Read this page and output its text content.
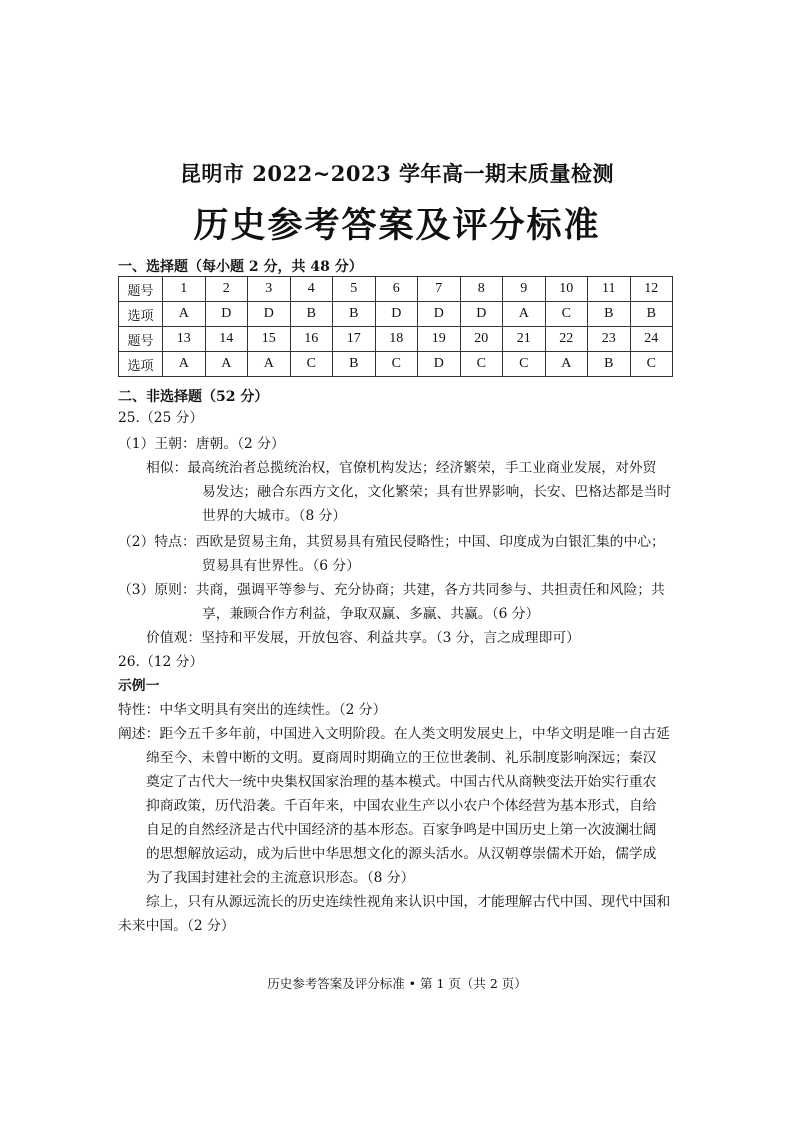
昆明市 2022~2023 学年高一期末质量检测
历史参考答案及评分标准
一、选择题（每小题 2 分，共 48 分）
题号	1	2	3	4	5	6	7	8	9	10	11	12
选项	A	D	D	B	B	D	D	D	A	C	B	B
题号	13	14	15	16	17	18	19	20	21	22	23	24
选项	A	A	A	C	B	C	D	C	C	A	B	C
二、非选择题（52 分）
25.（25 分）
（1）王朝：唐朝。（2 分）
相似：最高统治者总揽统治权，官僚机构发达；经济繁荣，手工业商业发展，对外贸
易发达；融合东西方文化，文化繁荣；具有世界影响，长安、巴格达都是当时
世界的大城市。（8 分）
（2）特点：西欧是贸易主角，其贸易具有殖民侵略性；中国、印度成为白银汇集的中心；
贸易具有世界性。（6 分）
（3）原则：共商，强调平等参与、充分协商；共建，各方共同参与、共担责任和风险；共
享，兼顾合作方利益，争取双赢、多赢、共赢。（6 分）
价值观：坚持和平发展，开放包容、利益共享。（3 分，言之成理即可）
26.（12 分）
示例一
特性：中华文明具有突出的连续性。（2 分）
阐述：距今五千多年前，中国进入文明阶段。在人类文明发展史上，中华文明是唯一自古延
绵至今、未曾中断的文明。夏商周时期确立的王位世袭制、礼乐制度影响深远；秦汉
奠定了古代大一统中央集权国家治理的基本模式。中国古代从商鞅变法开始实行重农
抑商政策，历代沿袭。千百年来，中国农业生产以小农户个体经营为基本形式，自给
自足的自然经济是古代中国经济的基本形态。百家争鸣是中国历史上第一次波澜壮阔
的思想解放运动，成为后世中华思想文化的源头活水。从汉朝尊崇儒术开始，儒学成
为了我国封建社会的主流意识形态。（8 分）
综上，只有从源远流长的历史连续性视角来认识中国，才能理解古代中国、现代中国和
未来中国。（2 分）
历史参考答案及评分标准 • 第 1 页（共 2 页）
